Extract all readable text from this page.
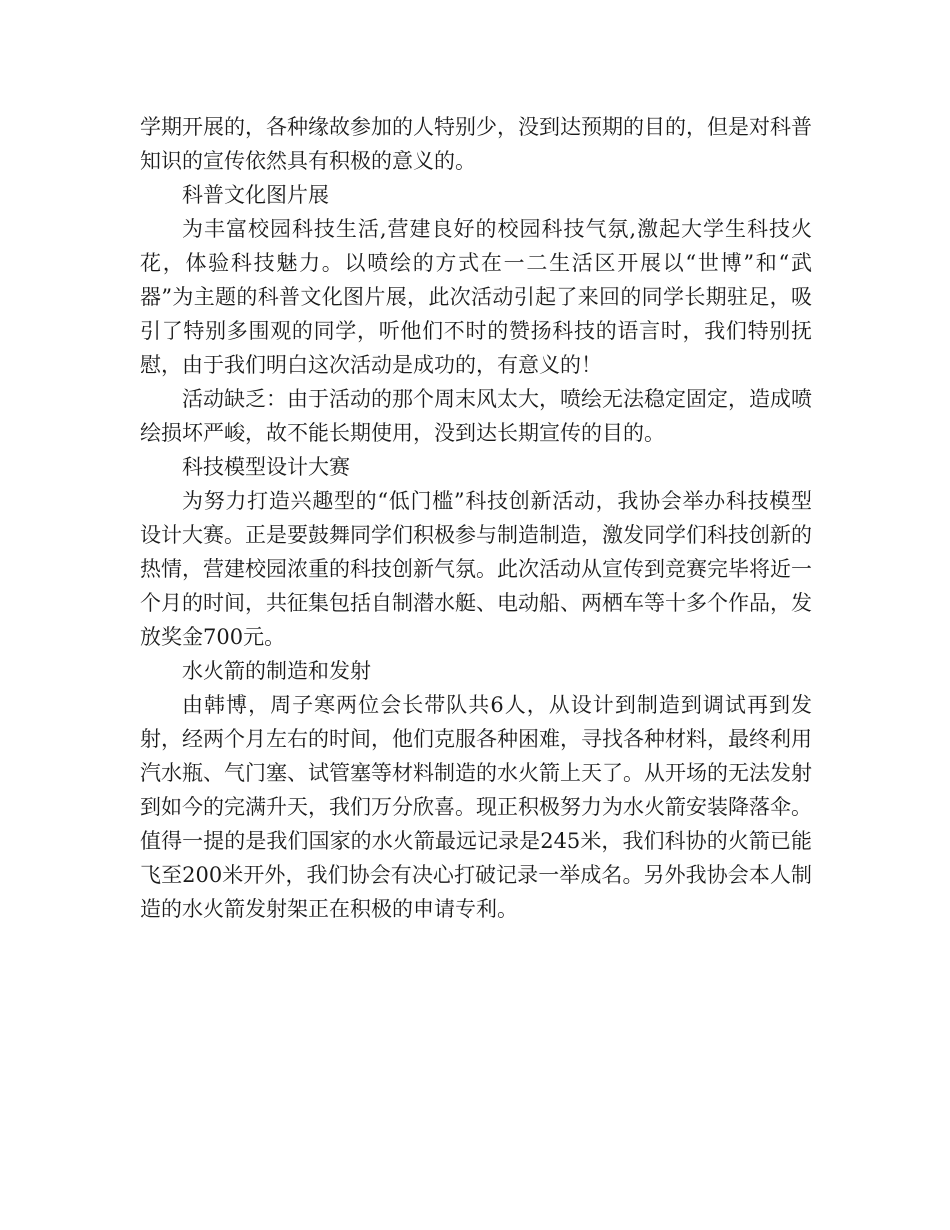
学期开展的，各种缘故参加的人特别少，没到达预期的目的，但是对科普知识的宣传依然具有积极的意义的。

科普文化图片展

为丰富校园科技生活,营建良好的校园科技气氛,激起大学生科技火花，体验科技魅力。以喷绘的方式在一二生活区开展以“世博”和“武器”为主题的科普文化图片展，此次活动引起了来回的同学长期驻足，吸引了特别多围观的同学，听他们不时的赞扬科技的语言时，我们特别抚慰，由于我们明白这次活动是成功的，有意义的！

活动缺乏：由于活动的那个周末风太大，喷绘无法稳定固定，造成喷绘损坏严峻，故不能长期使用，没到达长期宣传的目的。

科技模型设计大赛

为努力打造兴趣型的“低门槛”科技创新活动，我协会举办科技模型设计大赛。正是要鼓舞同学们积极参与制造制造，激发同学们科技创新的热情，营建校园浓重的科技创新气氛。此次活动从宣传到竞赛完毕将近一个月的时间，共征集包括自制潜水艇、电动船、两栖车等十多个作品，发放奖金700元。

水火箭的制造和发射

由韩博，周子寒两位会长带队共6人，从设计到制造到调试再到发射，经两个月左右的时间，他们克服各种困难，寻找各种材料，最终利用汽水瓶、气门塞、试管塞等材料制造的水火箭上天了。从开场的无法发射到如今的完满升天，我们万分欣喜。现正积极努力为水火箭安装降落伞。值得一提的是我们国家的水火箭最远记录是245米，我们科协的火箭已能飞至200米开外，我们协会有决心打破记录一举成名。另外我协会本人制造的水火箭发射架正在积极的申请专利。
